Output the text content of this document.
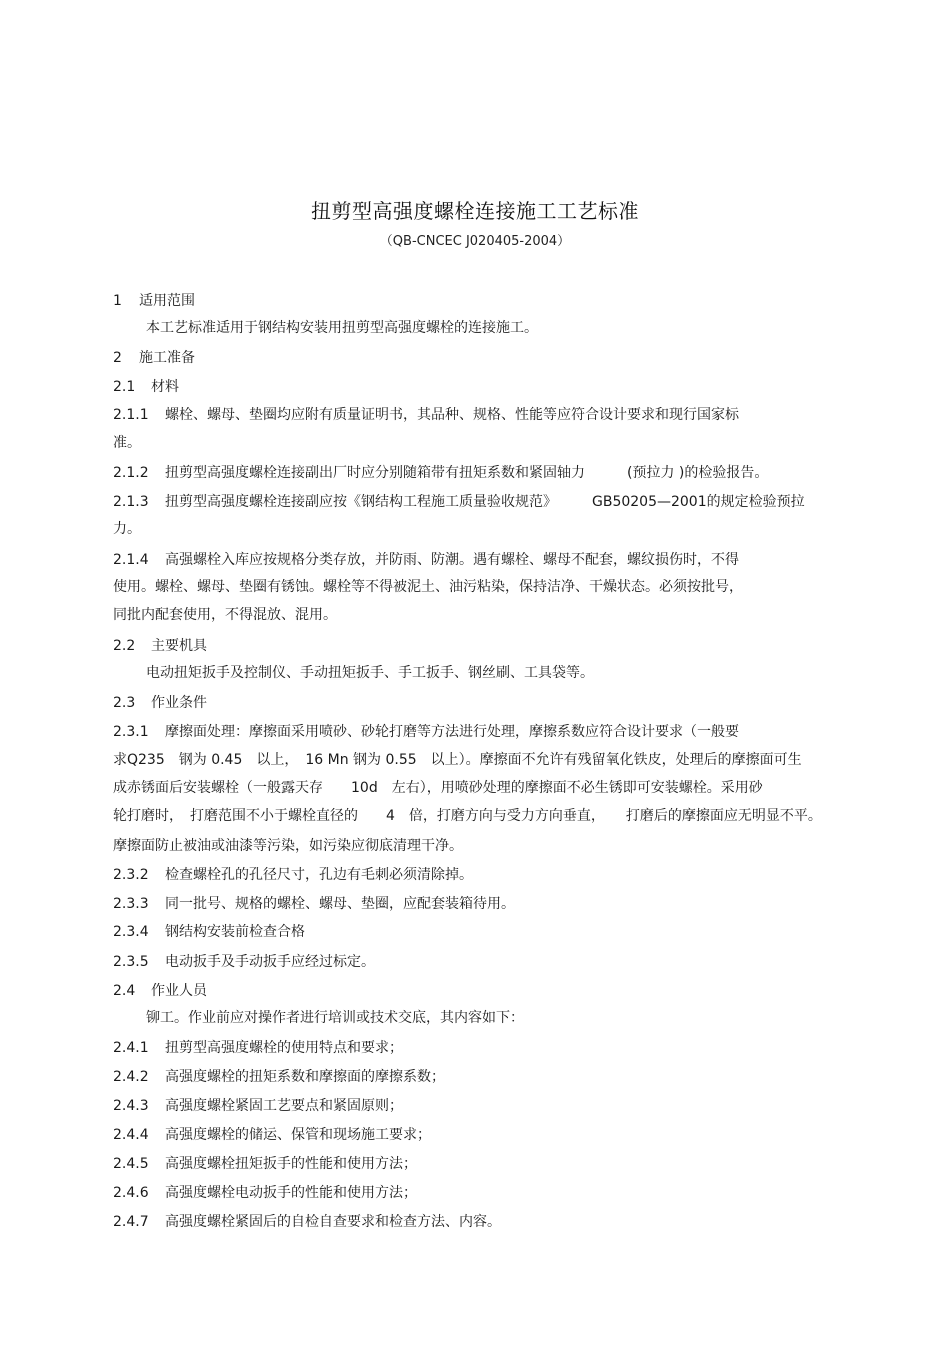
扭剪型高强度螺栓连接施工工艺标准
（QB-CNCEC J020405-2004）
1 适用范围
本工艺标准适用于钢结构安装用扭剪型高强度螺栓的连接施工。
2 施工准备
2.1 材料
2.1.1 螺栓、螺母、垫圈均应附有质量证明书，其品种、规格、性能等应符合设计要求和现行国家标
准。
2.1.2 扭剪型高强度螺栓连接副出厂时应分别随箱带有扭矩系数和紧固轴力　　　(预拉力 )的检验报告。
2.1.3 扭剪型高强度螺栓连接副应按《钢结构工程施工质量验收规范》　　　GB50205—2001的规定检验预拉
力。
2.1.4 高强螺栓入库应按规格分类存放，并防雨、防潮。遇有螺栓、螺母不配套，螺纹损伤时，不得
使用。螺栓、螺母、垫圈有锈蚀。螺栓等不得被泥土、油污粘染，保持洁净、干燥状态。必须按批号，
同批内配套使用，不得混放、混用。
2.2 主要机具
电动扭矩扳手及控制仪、手动扭矩扳手、手工扳手、钢丝刷、工具袋等。
2.3 作业条件
2.3.1 摩擦面处理：摩擦面采用喷砂、砂轮打磨等方法进行处理，摩擦系数应符合设计要求（一般要
求Q235　钢为 0.45　以上，　16 Mn 钢为 0.55　以上）。摩擦面不允许有残留氧化铁皮，处理后的摩擦面可生
成赤锈面后安装螺栓（一般露天存　　10d　左右），用喷砂处理的摩擦面不必生锈即可安装螺栓。采用砂
轮打磨时，　打磨范围不小于螺栓直径的　　4　倍，打磨方向与受力方向垂直，　　打磨后的摩擦面应无明显不平。
摩擦面防止被油或油漆等污染，如污染应彻底清理干净。
2.3.2 检查螺栓孔的孔径尺寸，孔边有毛刺必须清除掉。
2.3.3 同一批号、规格的螺栓、螺母、垫圈，应配套装箱待用。
2.3.4 钢结构安装前检查合格
2.3.5 电动扳手及手动扳手应经过标定。
2.4 作业人员
铆工。作业前应对操作者进行培训或技术交底，其内容如下：
2.4.1 扭剪型高强度螺栓的使用特点和要求；
2.4.2 高强度螺栓的扭矩系数和摩擦面的摩擦系数；
2.4.3 高强度螺栓紧固工艺要点和紧固原则；
2.4.4 高强度螺栓的储运、保管和现场施工要求；
2.4.5 高强度螺栓扭矩扳手的性能和使用方法；
2.4.6 高强度螺栓电动扳手的性能和使用方法；
2.4.7 高强度螺栓紧固后的自检自查要求和检查方法、内容。
